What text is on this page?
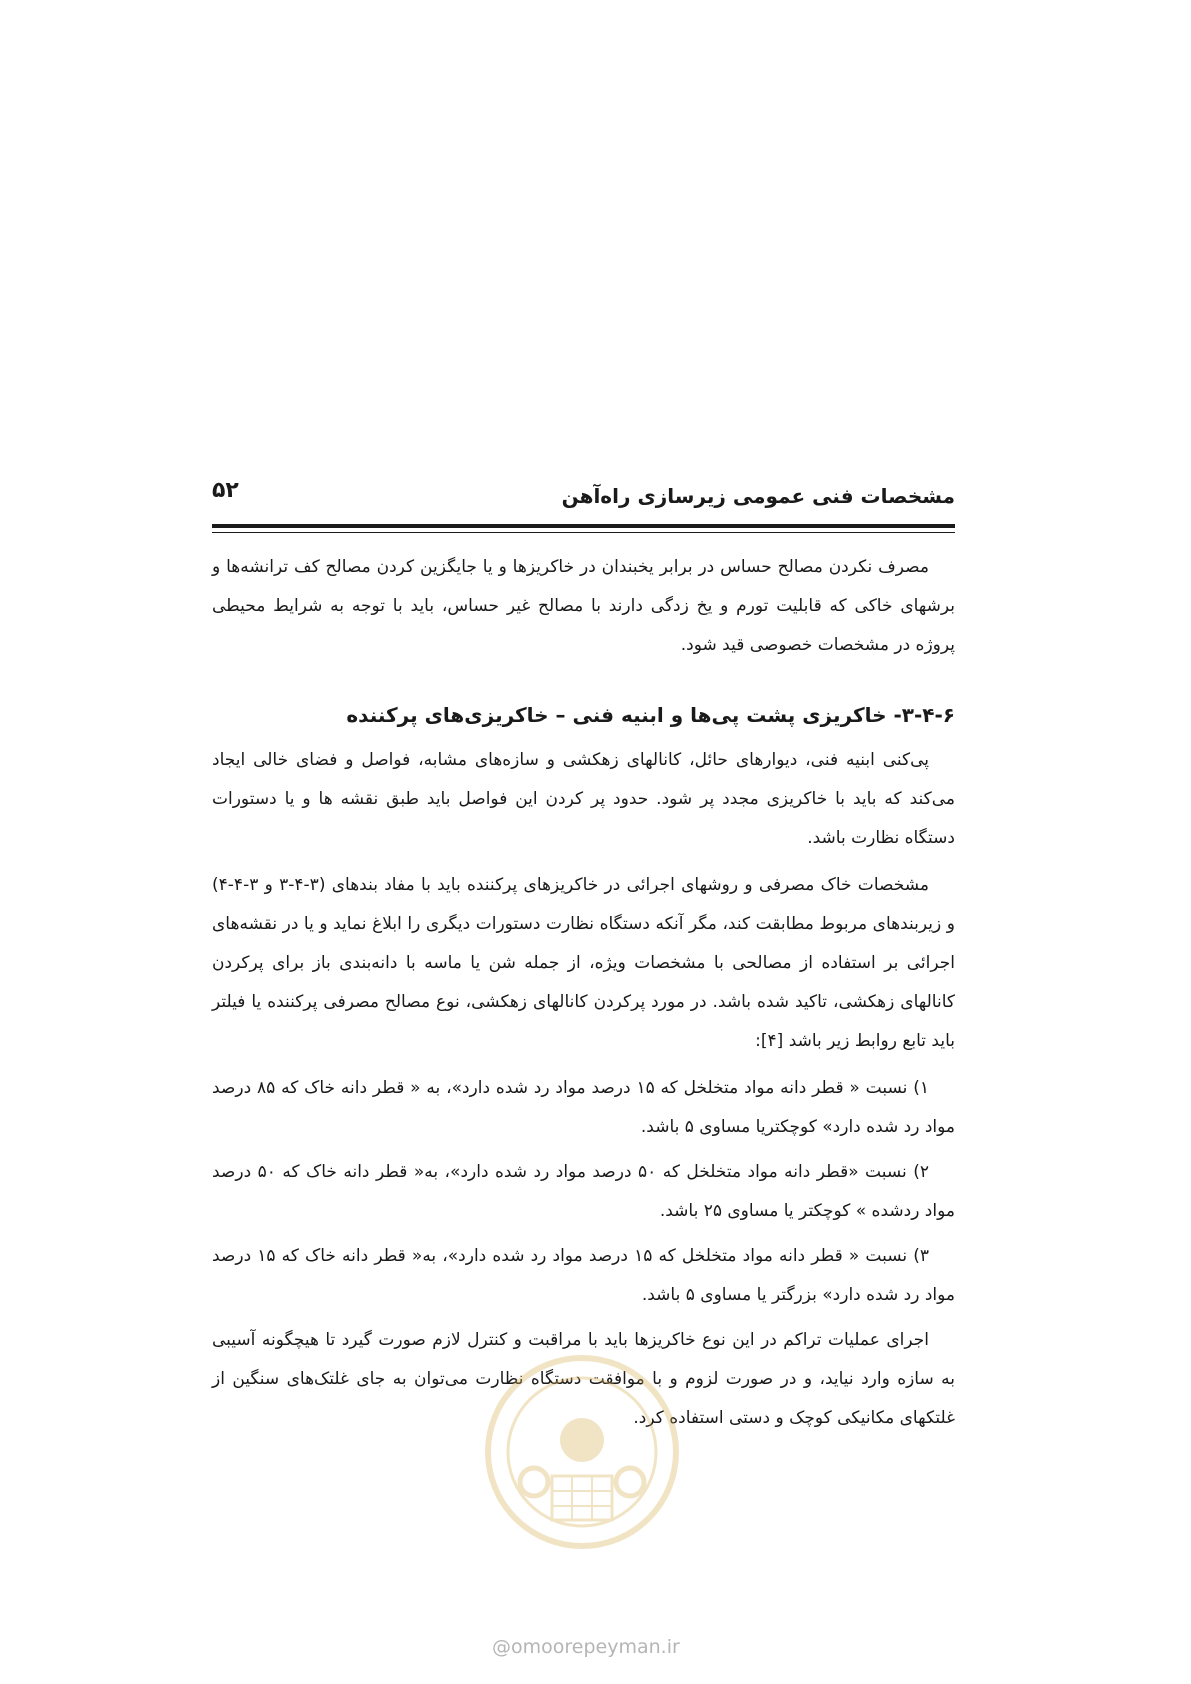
مشخصات فنی عمومی زیرسازی راه‌آهن
۵۲

مصرف نکردن مصالح حساس در برابر یخبندان در خاکریزها و یا جایگزین کردن مصالح کف ترانشه‌ها و برشهای خاکی که قابلیت تورم و یخ زدگی دارند با مصالح غیر حساس، باید با توجه به شرایط محیطی پروژه در مشخصات خصوصی قید شود.

۳-۴-۶- خاکریزی پشت پی‌ها و ابنیه فنی – خاکریزی‌های پرکننده

پی‌کنی ابنیه فنی، دیوارهای حائل، کانالهای زهکشی و سازه‌های مشابه، فواصل و فضای خالی ایجاد می‌کند که باید با خاکریزی مجدد پر شود. حدود پر کردن این فواصل باید طبق نقشه ها و یا دستورات دستگاه نظارت باشد.

مشخصات خاک مصرفی و روشهای اجرائی در خاکریزهای پرکننده باید با مفاد بندهای (۳-۴-۳ و ۳-۴-۴) و زیربندهای مربوط مطابقت کند، مگر آنکه دستگاه نظارت دستورات دیگری را ابلاغ نماید و یا در نقشه‌های اجرائی بر استفاده از مصالحی با مشخصات ویژه، از جمله شن یا ماسه با دانه‌بندی باز برای پرکردن کانالهای زهکشی، تاکید شده باشد. در مورد پرکردن کانالهای زهکشی، نوع مصالح مصرفی پرکننده یا فیلتر باید تابع روابط زیر باشد [۴]:

۱) نسبت « قطر دانه مواد متخلخل که ۱۵ درصد مواد رد شده دارد»، به « قطر دانه خاک که ۸۵ درصد مواد رد شده دارد» کوچکتریا مساوی ۵ باشد.

۲) نسبت «قطر دانه مواد متخلخل که ۵۰ درصد مواد رد شده دارد»، به« قطر دانه خاک که ۵۰ درصد مواد ردشده » کوچکتر یا مساوی ۲۵ باشد.

۳) نسبت « قطر دانه مواد متخلخل که ۱۵ درصد مواد رد شده دارد»، به« قطر دانه خاک که ۱۵ درصد مواد رد شده دارد» بزرگتر یا مساوی ۵ باشد.

اجرای عملیات تراکم در این نوع خاکریزها باید با مراقبت و کنترل لازم صورت گیرد تا هیچگونه آسیبی به سازه وارد نیاید، و در صورت لزوم و با موافقت دستگاه نظارت می‌توان به جای غلتک‌های سنگین از غلتکهای مکانیکی کوچک و دستی استفاده کرد.

@omoorepeyman.ir
